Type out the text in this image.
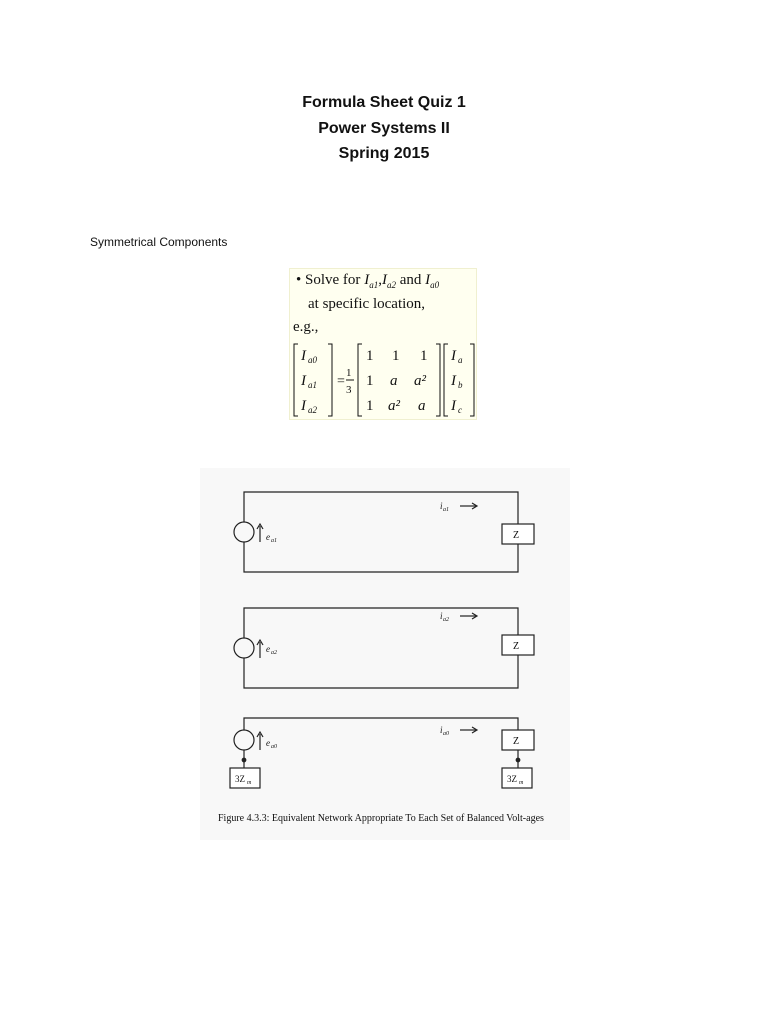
Formula Sheet Quiz 1
Power Systems II
Spring 2015
Symmetrical Components
• Solve for $I_{a1},I_{a2}$ and $I_{a0}$
at specific location,
e.g.,
=
1
3
I a0
I a1
I a2
1 1 1
1 a a²
1 a² a
I a
I b
I c
e a1
i a1
Z
e a2
i a2
Z
e a0
i a0
Z
3Z m	3Z m
Figure 4.3.3: Equivalent Network Appropriate To Each Set of Balanced Volt-ages
